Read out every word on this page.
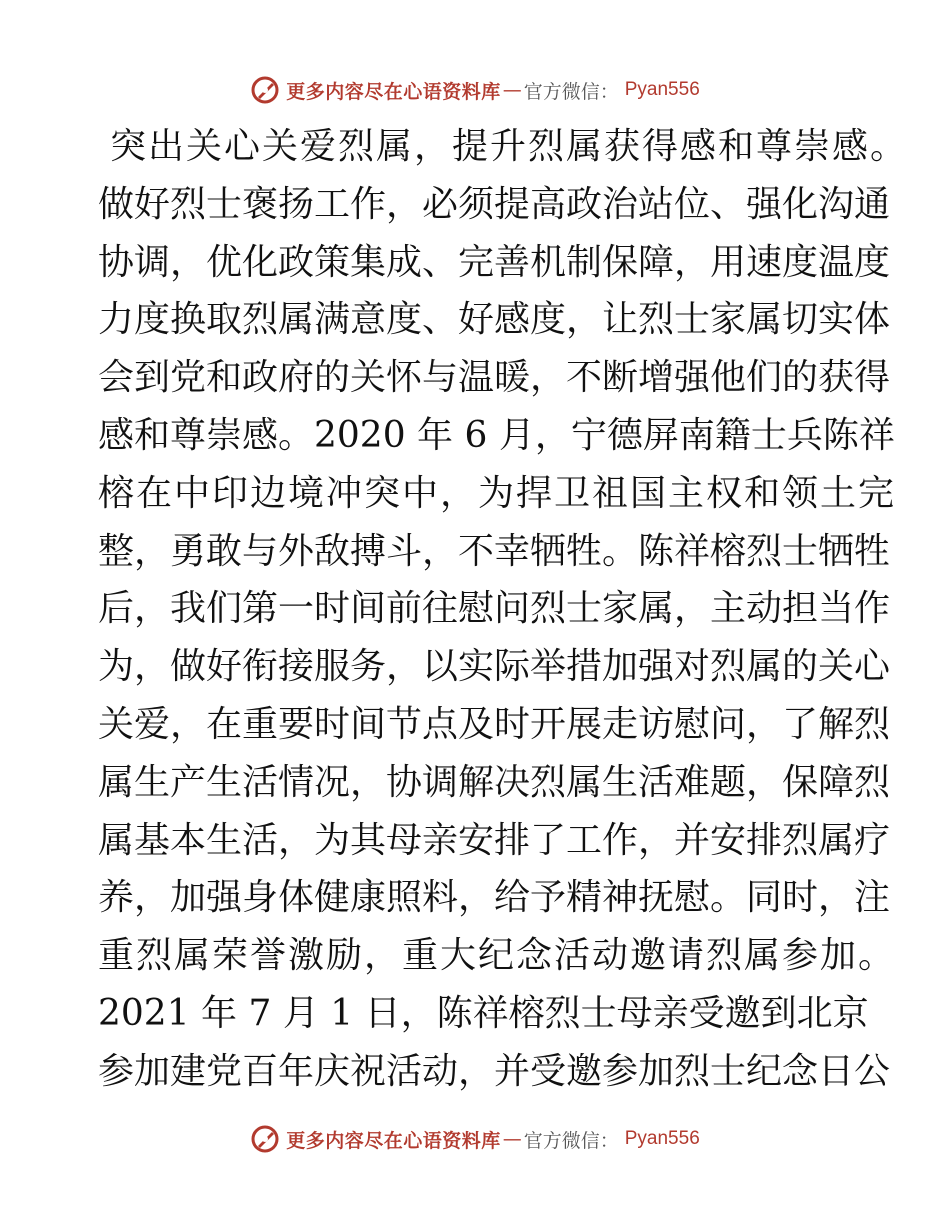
更多内容尽在心语资料库 — 官方微信： Pyan556
突出关心关爱烈属，提升烈属获得感和尊崇感。
做好烈士褒扬工作，必须提高政治站位、强化沟通
协调，优化政策集成、完善机制保障，用速度温度
力度换取烈属满意度、好感度，让烈士家属切实体
会到党和政府的关怀与温暖，不断增强他们的获得
感和尊崇感。2020 年 6 月，宁德屏南籍士兵陈祥
榕在中印边境冲突中，为捍卫祖国主权和领土完
整，勇敢与外敌搏斗，不幸牺牲。陈祥榕烈士牺牲
后，我们第一时间前往慰问烈士家属，主动担当作
为，做好衔接服务，以实际举措加强对烈属的关心
关爱，在重要时间节点及时开展走访慰问，了解烈
属生产生活情况，协调解决烈属生活难题，保障烈
属基本生活，为其母亲安排了工作，并安排烈属疗
养，加强身体健康照料，给予精神抚慰。同时，注
重烈属荣誉激励，重大纪念活动邀请烈属参加。
2021 年 7 月 1 日，陈祥榕烈士母亲受邀到北京
参加建党百年庆祝活动，并受邀参加烈士纪念日公
更多内容尽在心语资料库 — 官方微信： Pyan556
